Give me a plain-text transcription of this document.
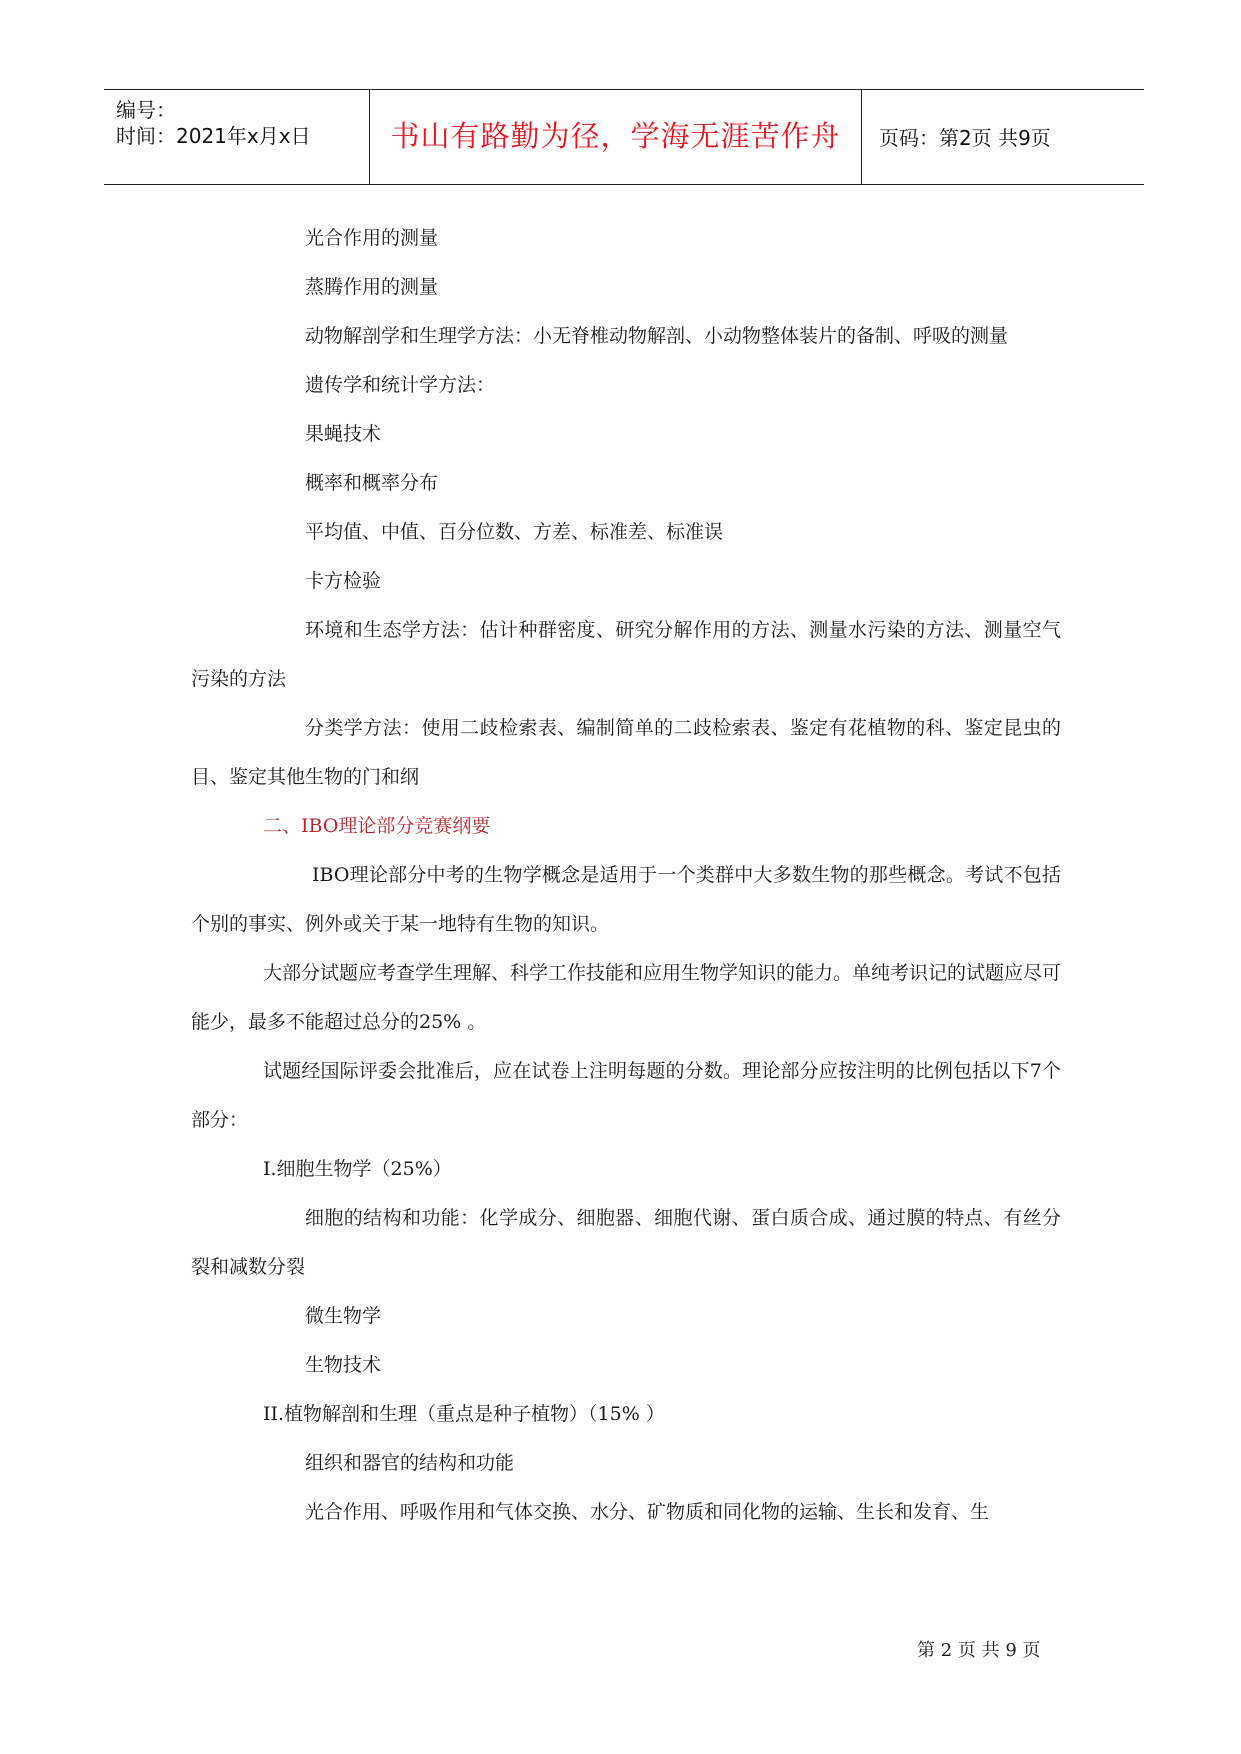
编号：
时间：2021年x月x日	书山有路勤为径，学海无涯苦作舟	页码：第2页 共9页

光合作用的测量

蒸腾作用的测量

动物解剖学和生理学方法：小无脊椎动物解剖、小动物整体装片的备制、呼吸的测量

遗传学和统计学方法：

果蝇技术

概率和概率分布

平均值、中值、百分位数、方差、标准差、标准误

卡方检验

环境和生态学方法：估计种群密度、研究分解作用的方法、测量水污染的方法、测量空气污染的方法

分类学方法：使用二歧检索表、编制简单的二歧检索表、鉴定有花植物的科、鉴定昆虫的目、鉴定其他生物的门和纲

二、IBO理论部分竞赛纲要

IBO理论部分中考的生物学概念是适用于一个类群中大多数生物的那些概念。考试不包括个别的事实、例外或关于某一地特有生物的知识。

大部分试题应考查学生理解、科学工作技能和应用生物学知识的能力。单纯考识记的试题应尽可能少，最多不能超过总分的25% 。

试题经国际评委会批准后，应在试卷上注明每题的分数。理论部分应按注明的比例包括以下7个部分：

I.细胞生物学（25%）

细胞的结构和功能：化学成分、细胞器、细胞代谢、蛋白质合成、通过膜的特点、有丝分裂和减数分裂

微生物学

生物技术

II.植物解剖和生理（重点是种子植物）（15% ）

组织和器官的结构和功能

光合作用、呼吸作用和气体交换、水分、矿物质和同化物的运输、生长和发育、生

第 2 页 共 9 页
